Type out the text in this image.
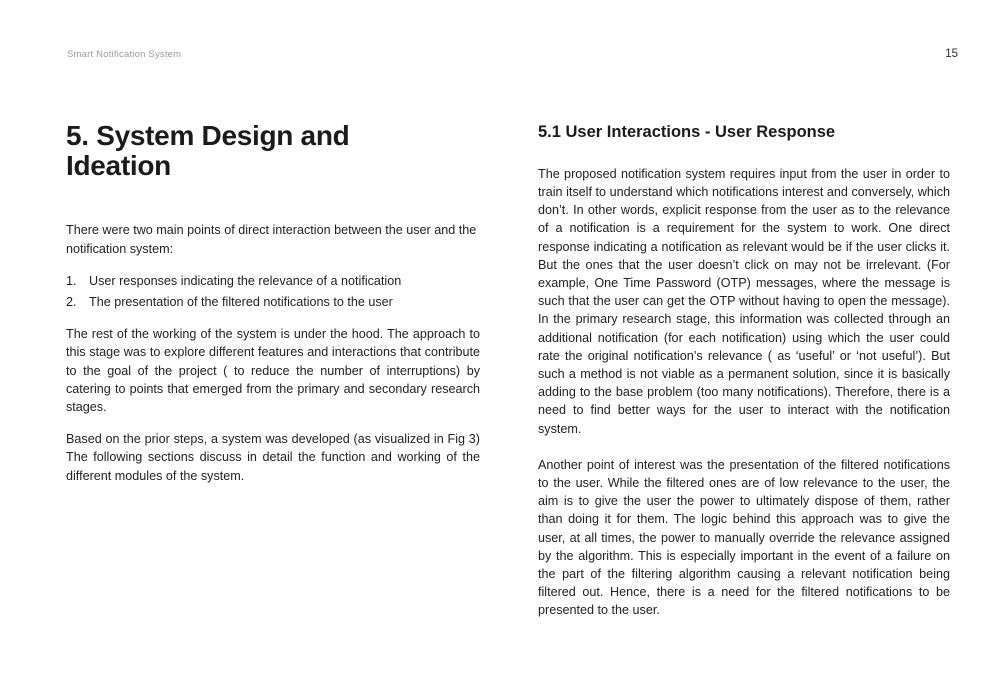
Smart Notification System	15
5. System Design and Ideation

There were two main points of direct interaction between the user and the notification system:

1. User responses indicating the relevance of a notification
2. The presentation of the filtered notifications to the user

The rest of the working of the system is under the hood. The approach to this stage was to explore different features and interactions that contribute to the goal of the project ( to reduce the number of interruptions) by catering to points that emerged from the primary and secondary research stages.

Based on the prior steps, a system was developed (as visualized in Fig 3) The following sections discuss in detail the function and working of the different modules of the system.

5.1 User Interactions - User Response

The proposed notification system requires input from the user in order to train itself to understand which notifications interest and conversely, which don’t. In other words, explicit response from the user as to the relevance of a notification is a requirement for the system to work. One direct response indicating a notification as relevant would be if the user clicks it. But the ones that the user doesn’t click on may not be irrelevant. (For example, One Time Password (OTP) messages, where the message is such that the user can get the OTP without having to open the message). In the primary research stage, this information was collected through an additional notification (for each notification) using which the user could rate the original notification’s relevance ( as ‘useful’ or ‘not useful’). But such a method is not viable as a permanent solution, since it is basically adding to the base problem (too many notifications). Therefore, there is a need to find better ways for the user to interact with the notification system.

Another point of interest was the presentation of the filtered notifications to the user. While the filtered ones are of low relevance to the user, the aim is to give the user the power to ultimately dispose of them, rather than doing it for them. The logic behind this approach was to give the user, at all times, the power to manually override the relevance assigned by the algorithm. This is especially important in the event of a failure on the part of the filtering algorithm causing a relevant notification being filtered out. Hence, there is a need for the filtered notifications to be presented to the user.
